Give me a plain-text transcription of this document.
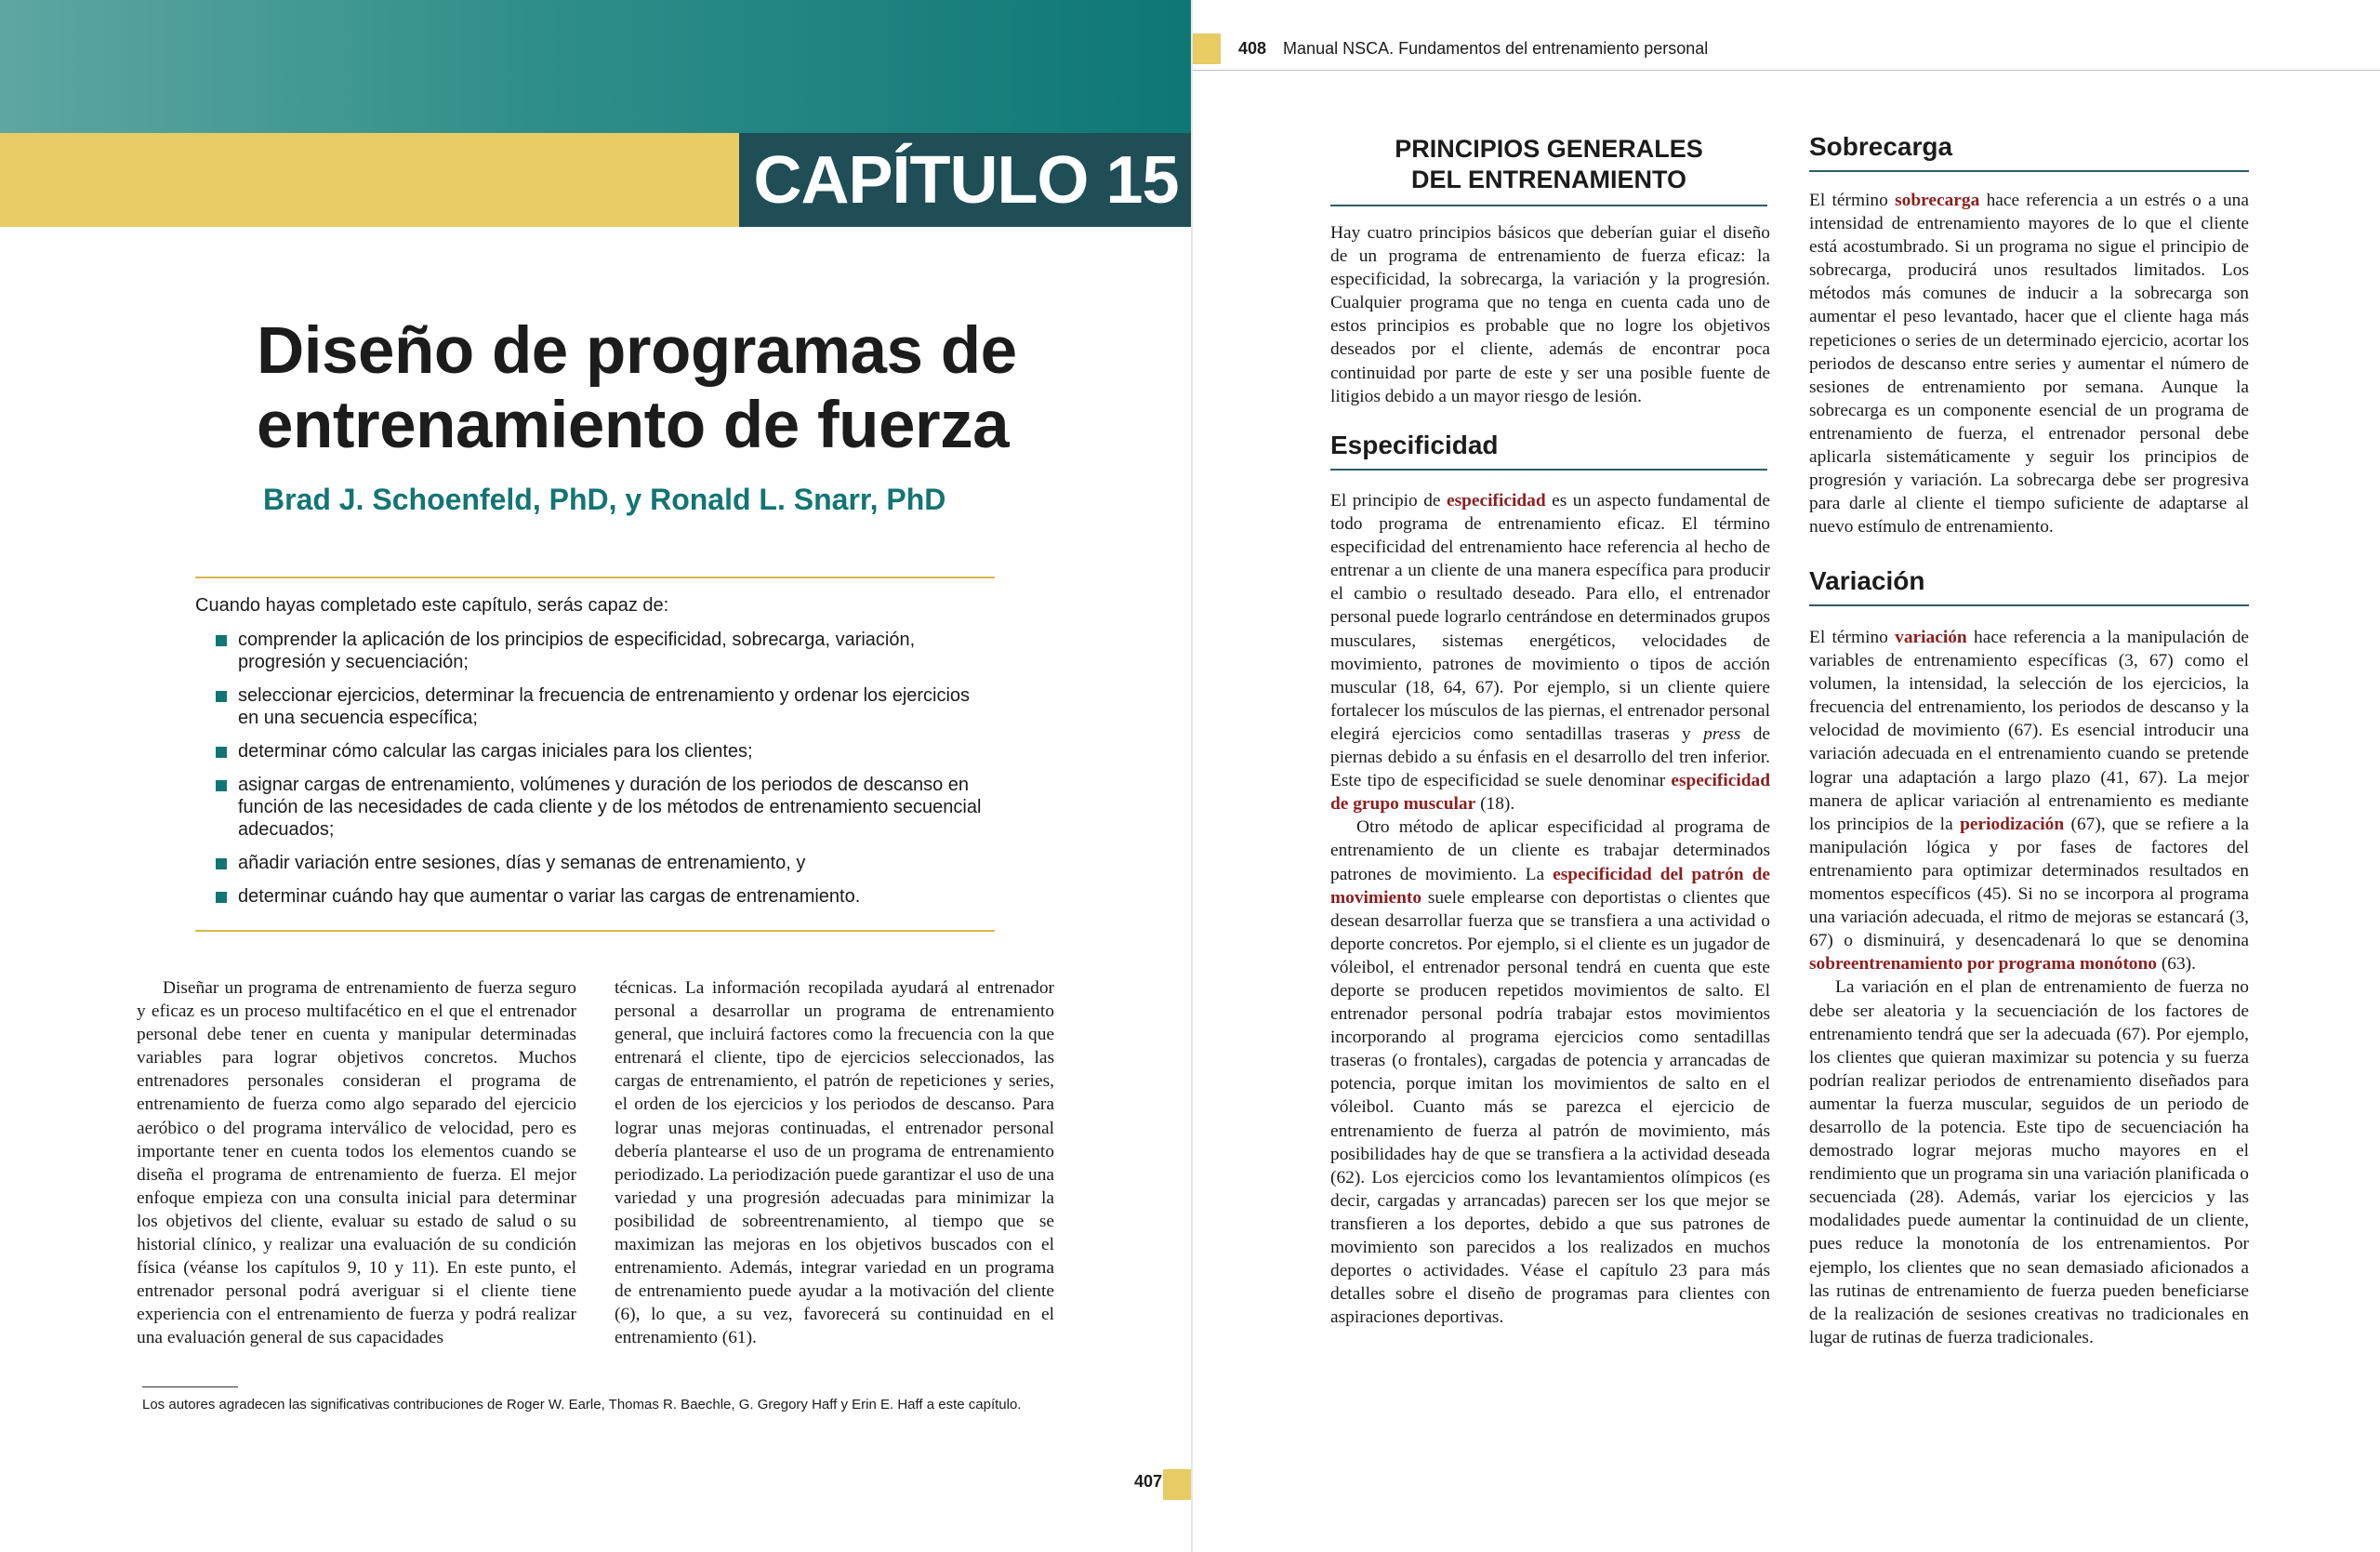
CAPÍTULO 15
Diseño de programas de
entrenamiento de fuerza
Brad J. Schoenfeld, PhD, y Ronald L. Snarr, PhD
Cuando hayas completado este capítulo, serás capaz de:
comprender la aplicación de los principios de especificidad, sobrecarga, variación, progresión y secuenciación;
seleccionar ejercicios, determinar la frecuencia de entrenamiento y ordenar los ejercicios en una secuencia específica;
determinar cómo calcular las cargas iniciales para los clientes;
asignar cargas de entrenamiento, volúmenes y duración de los periodos de descanso en función de las necesidades de cada cliente y de los métodos de entrenamiento secuencial adecuados;
añadir variación entre sesiones, días y semanas de entrenamiento, y
determinar cuándo hay que aumentar o variar las cargas de entrenamiento.

Diseñar un programa de entrenamiento de fuerza seguro y eficaz es un proceso multifacético en el que el entrenador personal debe tener en cuenta y manipular determinadas variables para lograr objetivos concretos. Muchos entrenadores personales consideran el programa de entrenamiento de fuerza como algo separado del ejercicio aeróbico o del programa interválico de velocidad, pero es importante tener en cuenta todos los elementos cuando se diseña el programa de entrenamiento de fuerza. El mejor enfoque empieza con una consulta inicial para determinar los objetivos del cliente, evaluar su estado de salud o su historial clínico, y realizar una evaluación de su condición física (véanse los capítulos 9, 10 y 11). En este punto, el entrenador personal podrá averiguar si el cliente tiene experiencia con el entrenamiento de fuerza y podrá realizar una evaluación general de sus capacidades

técnicas. La información recopilada ayudará al entrenador personal a desarrollar un programa de entrenamiento general, que incluirá factores como la frecuencia con la que entrenará el cliente, tipo de ejercicios seleccionados, las cargas de entrenamiento, el patrón de repeticiones y series, el orden de los ejercicios y los periodos de descanso. Para lograr unas mejoras continuadas, el entrenador personal debería plantearse el uso de un programa de entrenamiento periodizado. La periodización puede garantizar el uso de una variedad y una progresión adecuadas para minimizar la posibilidad de sobreentrenamiento, al tiempo que se maximizan las mejoras en los objetivos buscados con el entrenamiento. Además, integrar variedad en un programa de entrenamiento puede ayudar a la motivación del cliente (6), lo que, a su vez, favorecerá su continuidad en el entrenamiento (61).

Los autores agradecen las significativas contribuciones de Roger W. Earle, Thomas R. Baechle, G. Gregory Haff y Erin E. Haff a este capítulo.
407
408 Manual NSCA. Fundamentos del entrenamiento personal
PRINCIPIOS GENERALES
DEL ENTRENAMIENTO

Hay cuatro principios básicos que deberían guiar el diseño de un programa de entrenamiento de fuerza eficaz: la especificidad, la sobrecarga, la variación y la progresión. Cualquier programa que no tenga en cuenta cada uno de estos principios es probable que no logre los objetivos deseados por el cliente, además de encontrar poca continuidad por parte de este y ser una posible fuente de litigios debido a un mayor riesgo de lesión.

Especificidad

El principio de especificidad es un aspecto fundamental de todo programa de entrenamiento eficaz. El término especificidad del entrenamiento hace referencia al hecho de entrenar a un cliente de una manera específica para producir el cambio o resultado deseado. Para ello, el entrenador personal puede lograrlo centrándose en determinados grupos musculares, sistemas energéticos, velocidades de movimiento, patrones de movimiento o tipos de acción muscular (18, 64, 67). Por ejemplo, si un cliente quiere fortalecer los músculos de las piernas, el entrenador personal elegirá ejercicios como sentadillas traseras y press de piernas debido a su énfasis en el desarrollo del tren inferior. Este tipo de especificidad se suele denominar especificidad de grupo muscular (18).

Otro método de aplicar especificidad al programa de entrenamiento de un cliente es trabajar determinados patrones de movimiento. La especificidad del patrón de movimiento suele emplearse con deportistas o clientes que desean desarrollar fuerza que se transfiera a una actividad o deporte concretos. Por ejemplo, si el cliente es un jugador de vóleibol, el entrenador personal tendrá en cuenta que este deporte se producen repetidos movimientos de salto. El entrenador personal podría trabajar estos movimientos incorporando al programa ejercicios como sentadillas traseras (o frontales), cargadas de potencia y arrancadas de potencia, porque imitan los movimientos de salto en el vóleibol. Cuanto más se parezca el ejercicio de entrenamiento de fuerza al patrón de movimiento, más posibilidades hay de que se transfiera a la actividad deseada (62). Los ejercicios como los levantamientos olímpicos (es decir, cargadas y arrancadas) parecen ser los que mejor se transfieren a los deportes, debido a que sus patrones de movimiento son parecidos a los realizados en muchos deportes o actividades. Véase el capítulo 23 para más detalles sobre el diseño de programas para clientes con aspiraciones deportivas.

Sobrecarga

El término sobrecarga hace referencia a un estrés o a una intensidad de entrenamiento mayores de lo que el cliente está acostumbrado. Si un programa no sigue el principio de sobrecarga, producirá unos resultados limitados. Los métodos más comunes de inducir a la sobrecarga son aumentar el peso levantado, hacer que el cliente haga más repeticiones o series de un determinado ejercicio, acortar los periodos de descanso entre series y aumentar el número de sesiones de entrenamiento por semana. Aunque la sobrecarga es un componente esencial de un programa de entrenamiento de fuerza, el entrenador personal debe aplicarla sistemáticamente y seguir los principios de progresión y variación. La sobrecarga debe ser progresiva para darle al cliente el tiempo suficiente de adaptarse al nuevo estímulo de entrenamiento.

Variación

El término variación hace referencia a la manipulación de variables de entrenamiento específicas (3, 67) como el volumen, la intensidad, la selección de los ejercicios, la frecuencia del entrenamiento, los periodos de descanso y la velocidad de movimiento (67). Es esencial introducir una variación adecuada en el entrenamiento cuando se pretende lograr una adaptación a largo plazo (41, 67). La mejor manera de aplicar variación al entrenamiento es mediante los principios de la periodización (67), que se refiere a la manipulación lógica y por fases de factores del entrenamiento para optimizar determinados resultados en momentos específicos (45). Si no se incorpora al programa una variación adecuada, el ritmo de mejoras se estancará (3, 67) o disminuirá, y desencadenará lo que se denomina sobreentrenamiento por programa monótono (63).

La variación en el plan de entrenamiento de fuerza no debe ser aleatoria y la secuenciación de los factores de entrenamiento tendrá que ser la adecuada (67). Por ejemplo, los clientes que quieran maximizar su potencia y su fuerza podrían realizar periodos de entrenamiento diseñados para aumentar la fuerza muscular, seguidos de un periodo de desarrollo de la potencia. Este tipo de secuenciación ha demostrado lograr mejoras mucho mayores en el rendimiento que un programa sin una variación planificada o secuenciada (28). Además, variar los ejercicios y las modalidades puede aumentar la continuidad de un cliente, pues reduce la monotonía de los entrenamientos. Por ejemplo, los clientes que no sean demasiado aficionados a las rutinas de entrenamiento de fuerza pueden beneficiarse de la realización de sesiones creativas no tradicionales en lugar de rutinas de fuerza tradicionales.
